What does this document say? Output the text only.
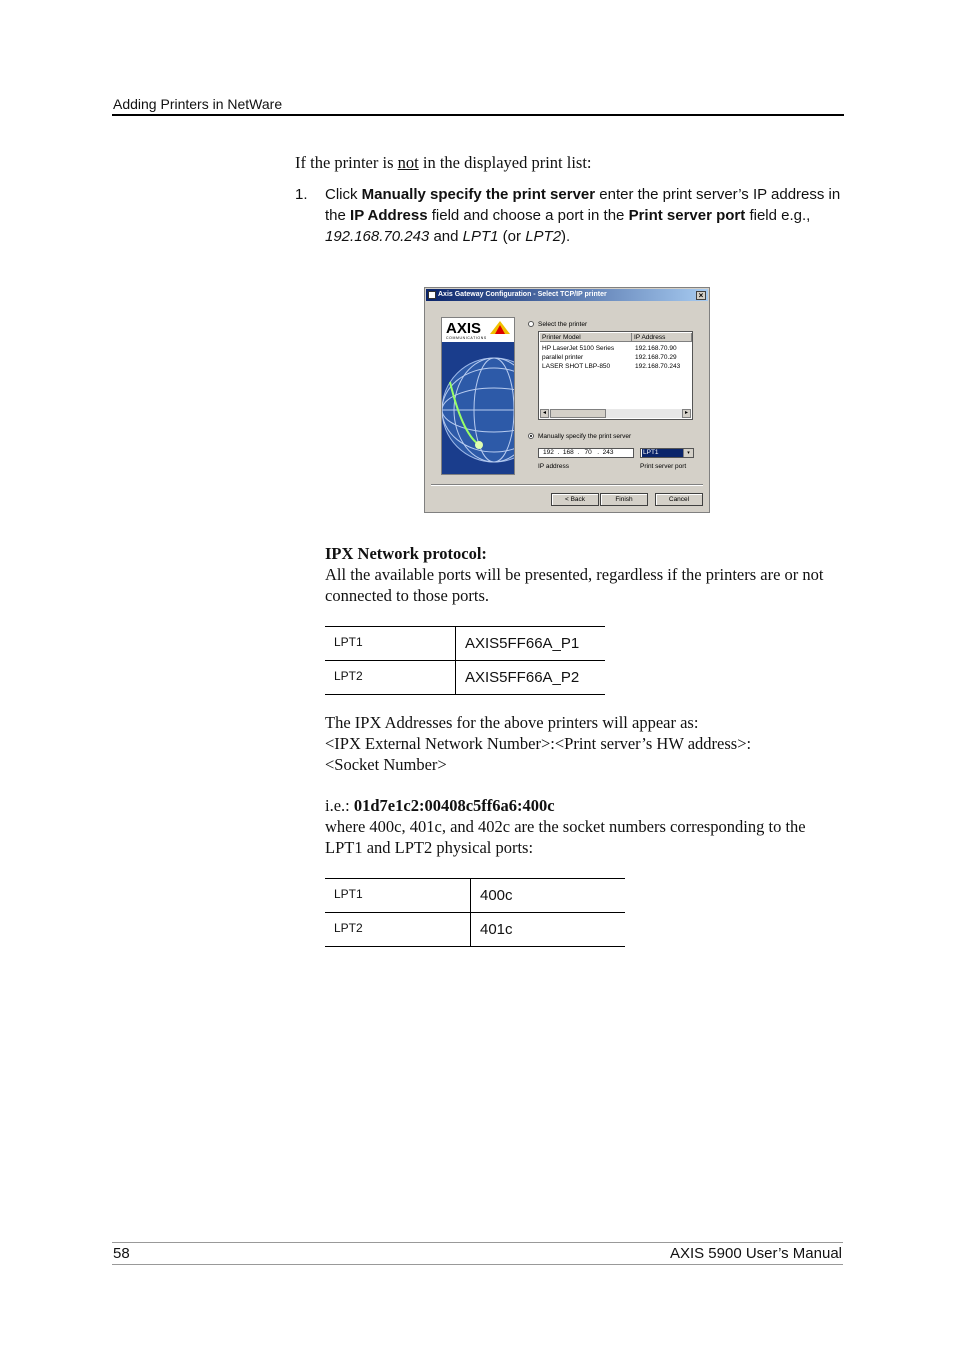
Adding Printers in NetWare

If the printer is not in the displayed print list:

1. Click Manually specify the print server enter the print server’s IP address in the IP Address field and choose a port in the Print server port field e.g., 192.168.70.243 and LPT1 (or LPT2).

Axis Gateway Configuration - Select TCP/IP printer	×
AXIS
COMMUNICATIONS
Select the printer
Printer Model	IP Address
HP LaserJet 5100 Series	192.168.70.90
parallel printer	192.168.70.29
LASER SHOT LBP-850	192.168.70.243
◂	▸
Manually specify the print server
192  .  168  .   70   .  243	LPT1	▾
IP address	Print server port
< Back	Finish	Cancel

IPX Network protocol:

All the available ports will be presented, regardless if the printers are or not connected to those ports.

LPT1	AXIS5FF66A_P1
LPT2	AXIS5FF66A_P2

The IPX Addresses for the above printers will appear as:
<IPX External Network Number>:<Print server’s HW address>:<Socket Number>

i.e.: 01d7e1c2:00408c5ff6a6:400c

where 400c, 401c, and 402c are the socket numbers corresponding to the LPT1 and LPT2 physical ports:

LPT1	400c
LPT2	401c
58	AXIS 5900 User’s Manual
